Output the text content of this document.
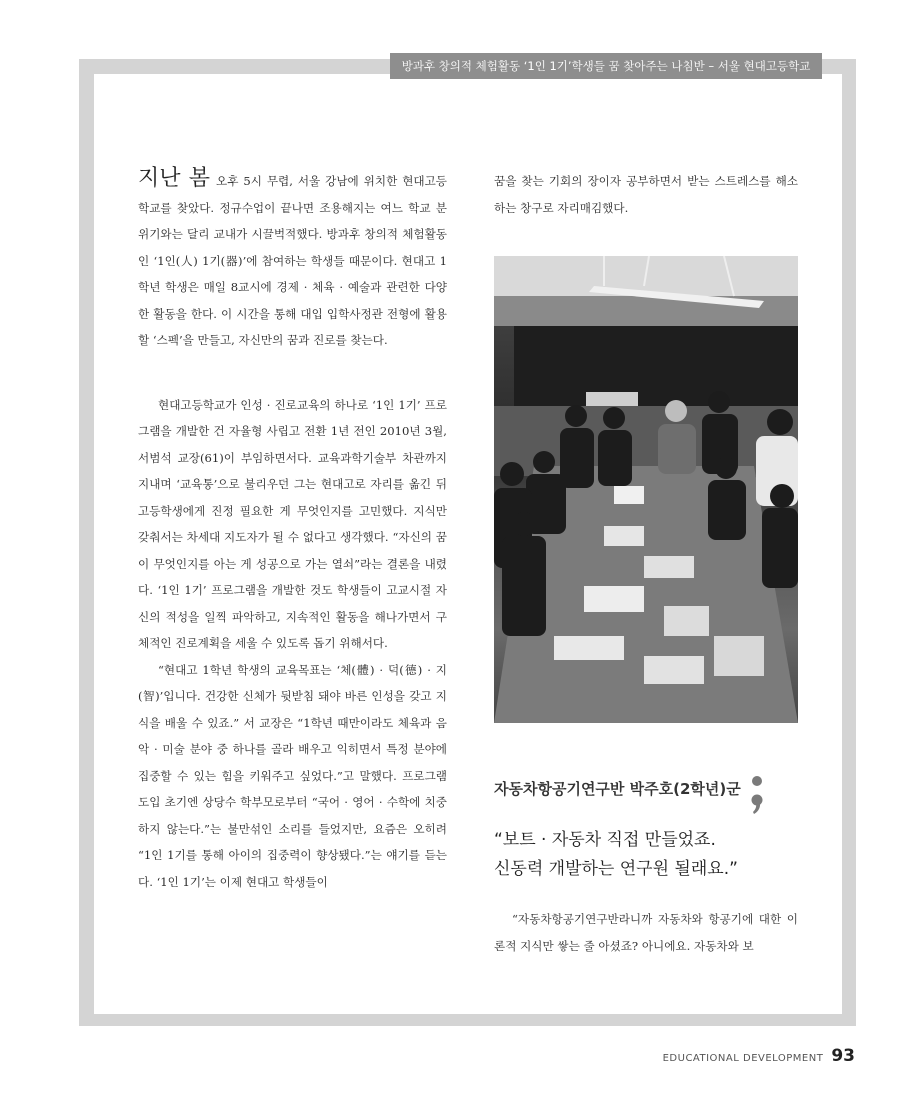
방과후 창의적 체험활동 ‘1인 1기’학생들 꿈 찾아주는 나침반 – 서울 현대고등학교

지난 봄 오후 5시 무렵, 서울 강남에 위치한 현대고등학교를 찾았다. 정규수업이 끝나면 조용해지는 여느 학교 분위기와는 달리 교내가 시끌벅적했다. 방과후 창의적 체험활동인 ‘1인(人) 1기(器)’에 참여하는 학생들 때문이다. 현대고 1학년 학생은 매일 8교시에 경제 · 체육 · 예술과 관련한 다양한 활동을 한다. 이 시간을 통해 대입 입학사정관 전형에 활용할 ‘스펙’을 만들고, 자신만의 꿈과 진로를 찾는다.

현대고등학교가 인성 · 진로교육의 하나로 ‘1인 1기’ 프로그램을 개발한 건 자율형 사립고 전환 1년 전인 2010년 3월, 서범석 교장(61)이 부임하면서다. 교육과학기술부 차관까지 지내며 ‘교육통’으로 불리우던 그는 현대고로 자리를 옮긴 뒤 고등학생에게 진정 필요한 게 무엇인지를 고민했다. 지식만 갖춰서는 차세대 지도자가 될 수 없다고 생각했다. “자신의 꿈이 무엇인지를 아는 게 성공으로 가는 열쇠”라는 결론을 내렸다. ‘1인 1기’ 프로그램을 개발한 것도 학생들이 고교시절 자신의 적성을 일찍 파악하고, 지속적인 활동을 해나가면서 구체적인 진로계획을 세울 수 있도록 돕기 위해서다.

“현대고 1학년 학생의 교육목표는 ‘체(體) · 덕(德) · 지(智)’입니다. 건강한 신체가 뒷받침 돼야 바른 인성을 갖고 지식을 배울 수 있죠.” 서 교장은 “1학년 때만이라도 체육과 음악 · 미술 분야 중 하나를 골라 배우고 익히면서 특정 분야에 집중할 수 있는 힘을 키워주고 싶었다.”고 말했다. 프로그램 도입 초기엔 상당수 학부모로부터 “국어 · 영어 · 수학에 치중하지 않는다.”는 불만섞인 소리를 들었지만, 요즘은 오히려 “1인 1기를 통해 아이의 집중력이 향상됐다.”는 얘기를 듣는다. ‘1인 1기’는 이제 현대고 학생들이

꿈을 찾는 기회의 장이자 공부하면서 받는 스트레스를 해소하는 창구로 자리매김했다.

자동차항공기연구반 박주호(2학년)군
“보트 · 자동차 직접 만들었죠.
신동력 개발하는 연구원 될래요.”

“자동차항공기연구반라니까 자동차와 항공기에 대한 이론적 지식만 쌓는 줄 아셨죠? 아니에요. 자동차와 보

EDUCATIONAL DEVELOPMENT 93
